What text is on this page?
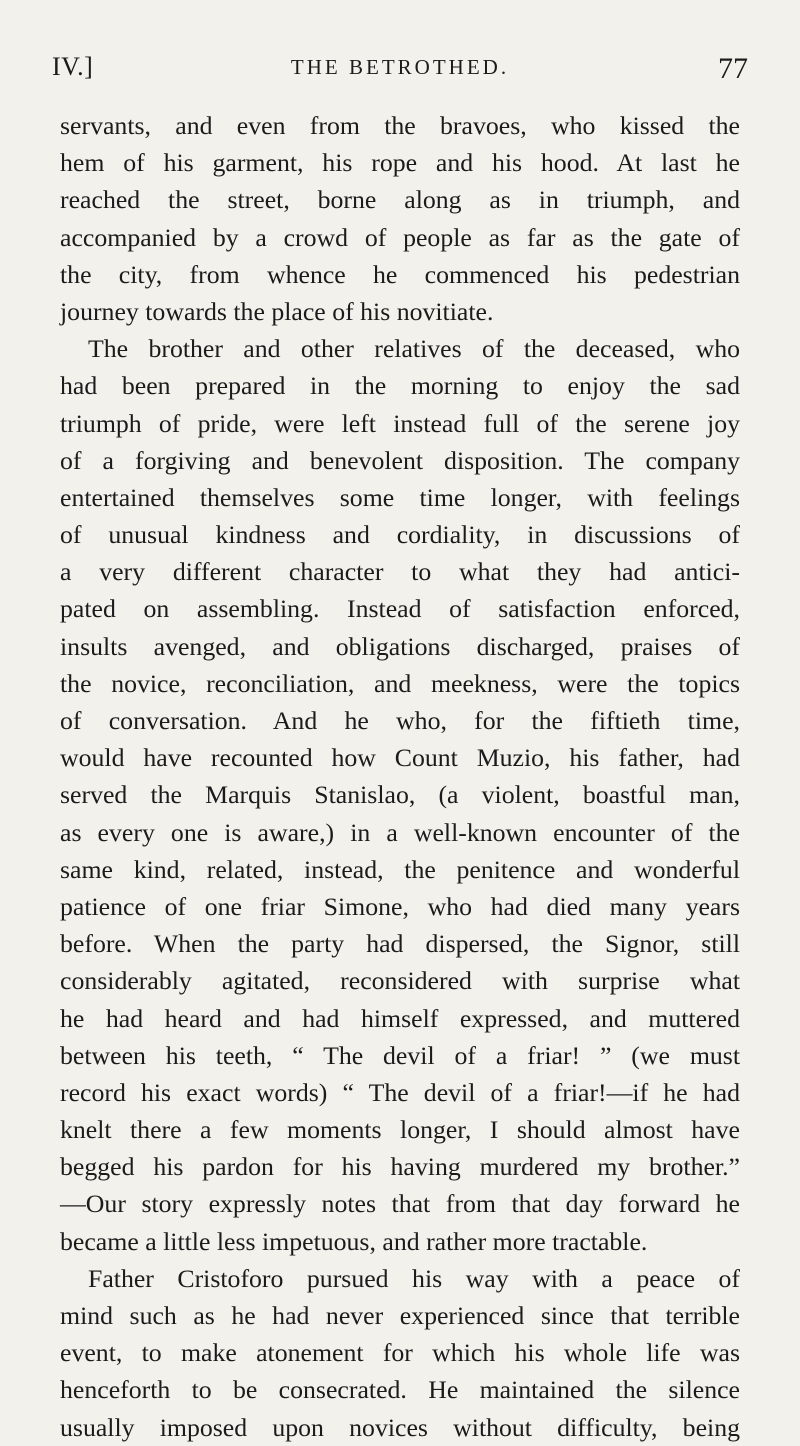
IV.]	THE BETROTHED.	77
servants, and even from the bravoes, who kissed the
hem of his garment, his rope and his hood. At last he
reached the street, borne along as in triumph, and
accompanied by a crowd of people as far as the gate of
the city, from whence he commenced his pedestrian
journey towards the place of his novitiate.
The brother and other relatives of the deceased, who
had been prepared in the morning to enjoy the sad
triumph of pride, were left instead full of the serene joy
of a forgiving and benevolent disposition. The company
entertained themselves some time longer, with feelings
of unusual kindness and cordiality, in discussions of
a very different character to what they had antici-
pated on assembling. Instead of satisfaction enforced,
insults avenged, and obligations discharged, praises of
the novice, reconciliation, and meekness, were the topics
of conversation. And he who, for the fiftieth time,
would have recounted how Count Muzio, his father, had
served the Marquis Stanislao, (a violent, boastful man,
as every one is aware,) in a well-known encounter of the
same kind, related, instead, the penitence and wonderful
patience of one friar Simone, who had died many years
before. When the party had dispersed, the Signor, still
considerably agitated, reconsidered with surprise what
he had heard and had himself expressed, and muttered
between his teeth, “ The devil of a friar! ” (we must
record his exact words) “ The devil of a friar!—if he had
knelt there a few moments longer, I should almost have
begged his pardon for his having murdered my brother.”
—Our story expressly notes that from that day forward he
became a little less impetuous, and rather more tractable.
Father Cristoforo pursued his way with a peace of
mind such as he had never experienced since that terrible
event, to make atonement for which his whole life was
henceforth to be consecrated. He maintained the silence
usually imposed upon novices without difficulty, being
